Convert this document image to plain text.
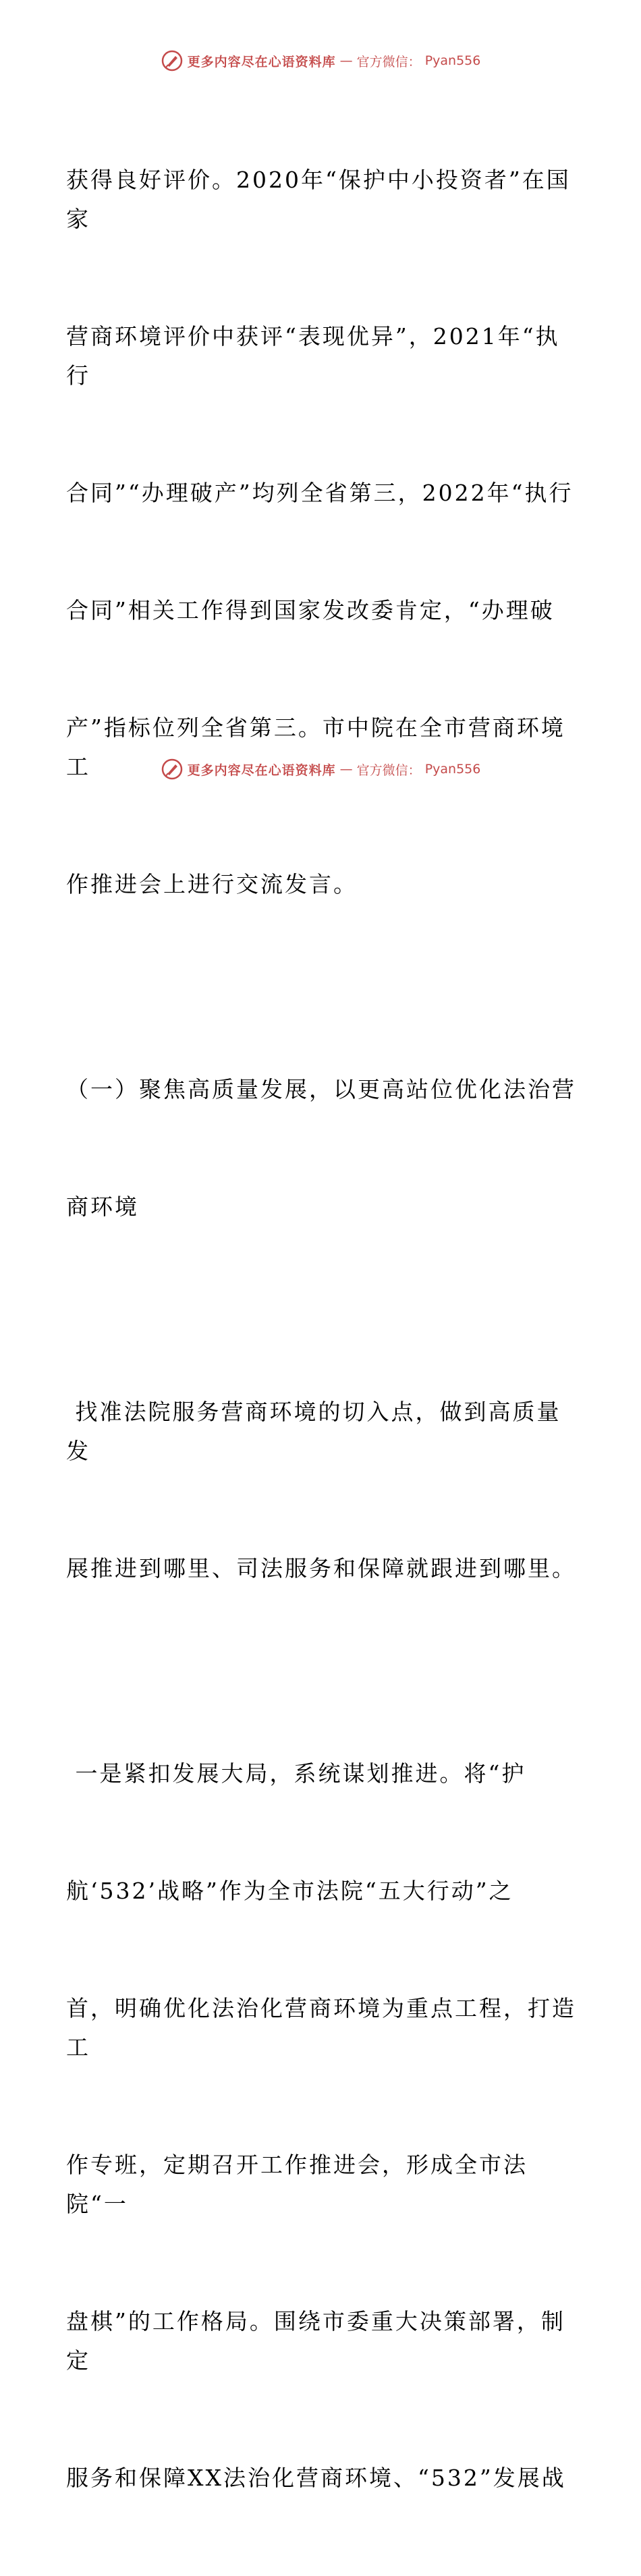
更多内容尽在心语资料库 — 官方微信： Pyan556

获得良好评价。2020年“保护中小投资者”在国家

营商环境评价中获评“表现优异”，2021年“执行

合同”“办理破产”均列全省第三，2022年“执行

合同”相关工作得到国家发改委肯定，“办理破

产”指标位列全省第三。市中院在全市营商环境工

作推进会上进行交流发言。

（一）聚焦高质量发展，以更高站位优化法治营

商环境

找准法院服务营商环境的切入点，做到高质量发

展推进到哪里、司法服务和保障就跟进到哪里。

一是紧扣发展大局，系统谋划推进。将“护

航‘532’战略”作为全市法院“五大行动”之

首，明确优化法治化营商环境为重点工程，打造工

作专班，定期召开工作推进会，形成全市法院“一

盘棋”的工作格局。围绕市委重大决策部署，制定

服务和保障XX法治化营商环境、“532”发展战

更多内容尽在心语资料库 — 官方微信： Pyan556
